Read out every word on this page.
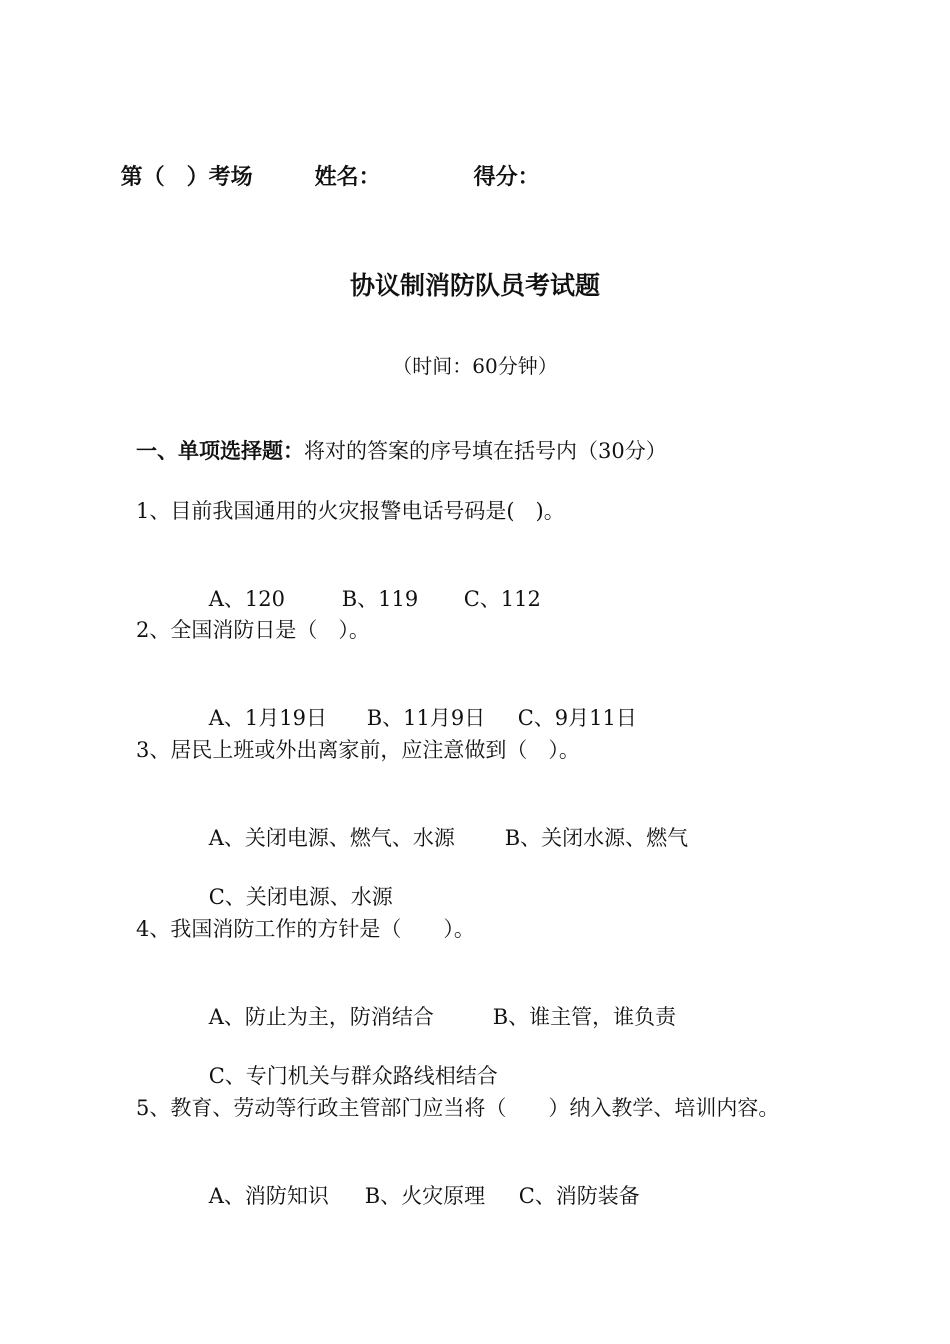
第（　）考场	姓名：	得分：

协议制消防队员考试题
（时间：60分钟）
一、单项选择题：将对的答案的序号填在括号内（30分）
1、目前我国通用的火灾报警电话号码是(　)。

A、120	B、119 C、112

2、全国消防日是（　）。

A、1月19日 B、11月9日 C、9月11日

3、居民上班或外出离家前，应注意做到（　）。

A、关闭电源、燃气、水源 B、关闭水源、燃气

C、关闭电源、水源

4、我国消防工作的方针是（　　）。

A、防止为主，防消结合	B、谁主管，谁负责

C、专门机关与群众路线相结合

5、教育、劳动等行政主管部门应当将（　　）纳入教学、培训内容。

A、消防知识 B、火灾原理 C、消防装备
